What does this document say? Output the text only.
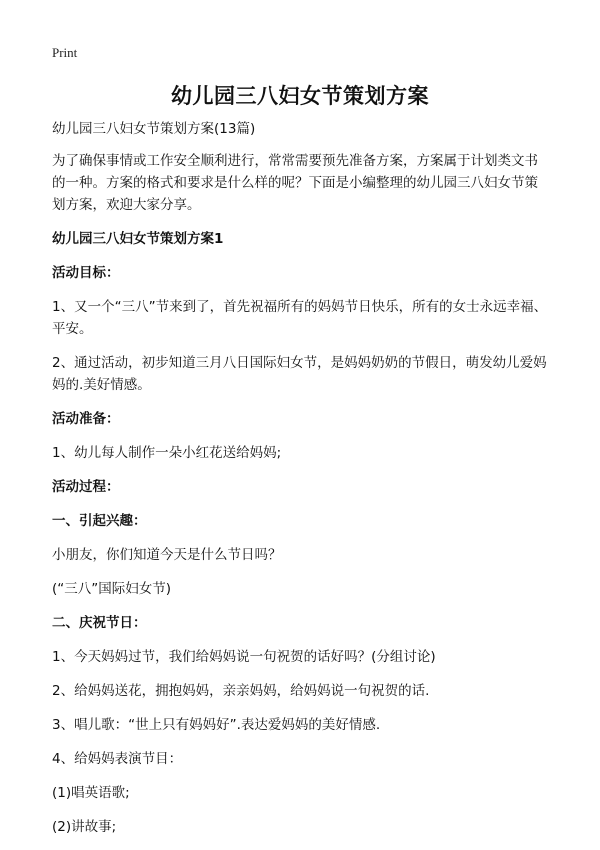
Print
幼儿园三八妇女节策划方案
幼儿园三八妇女节策划方案(13篇)
为了确保事情或工作安全顺利进行，常常需要预先准备方案，方案属于计划类文书的一种。方案的格式和要求是什么样的呢？下面是小编整理的幼儿园三八妇女节策划方案，欢迎大家分享。
幼儿园三八妇女节策划方案1
活动目标：
1、又一个“三八”节来到了，首先祝福所有的妈妈节日快乐，所有的女士永远幸福、平安。
2、通过活动，初步知道三月八日国际妇女节，是妈妈奶奶的节假日，萌发幼儿爱妈妈的.美好情感。
活动准备：
1、幼儿每人制作一朵小红花送给妈妈;
活动过程：
一、引起兴趣：
小朋友，你们知道今天是什么节日吗？
(“三八”国际妇女节)
二、庆祝节日：
1、今天妈妈过节，我们给妈妈说一句祝贺的话好吗？(分组讨论)
2、给妈妈送花，拥抱妈妈，亲亲妈妈，给妈妈说一句祝贺的话.
3、唱儿歌：“世上只有妈妈好”.表达爱妈妈的美好情感.
4、给妈妈表演节目：
(1)唱英语歌;
(2)讲故事;
